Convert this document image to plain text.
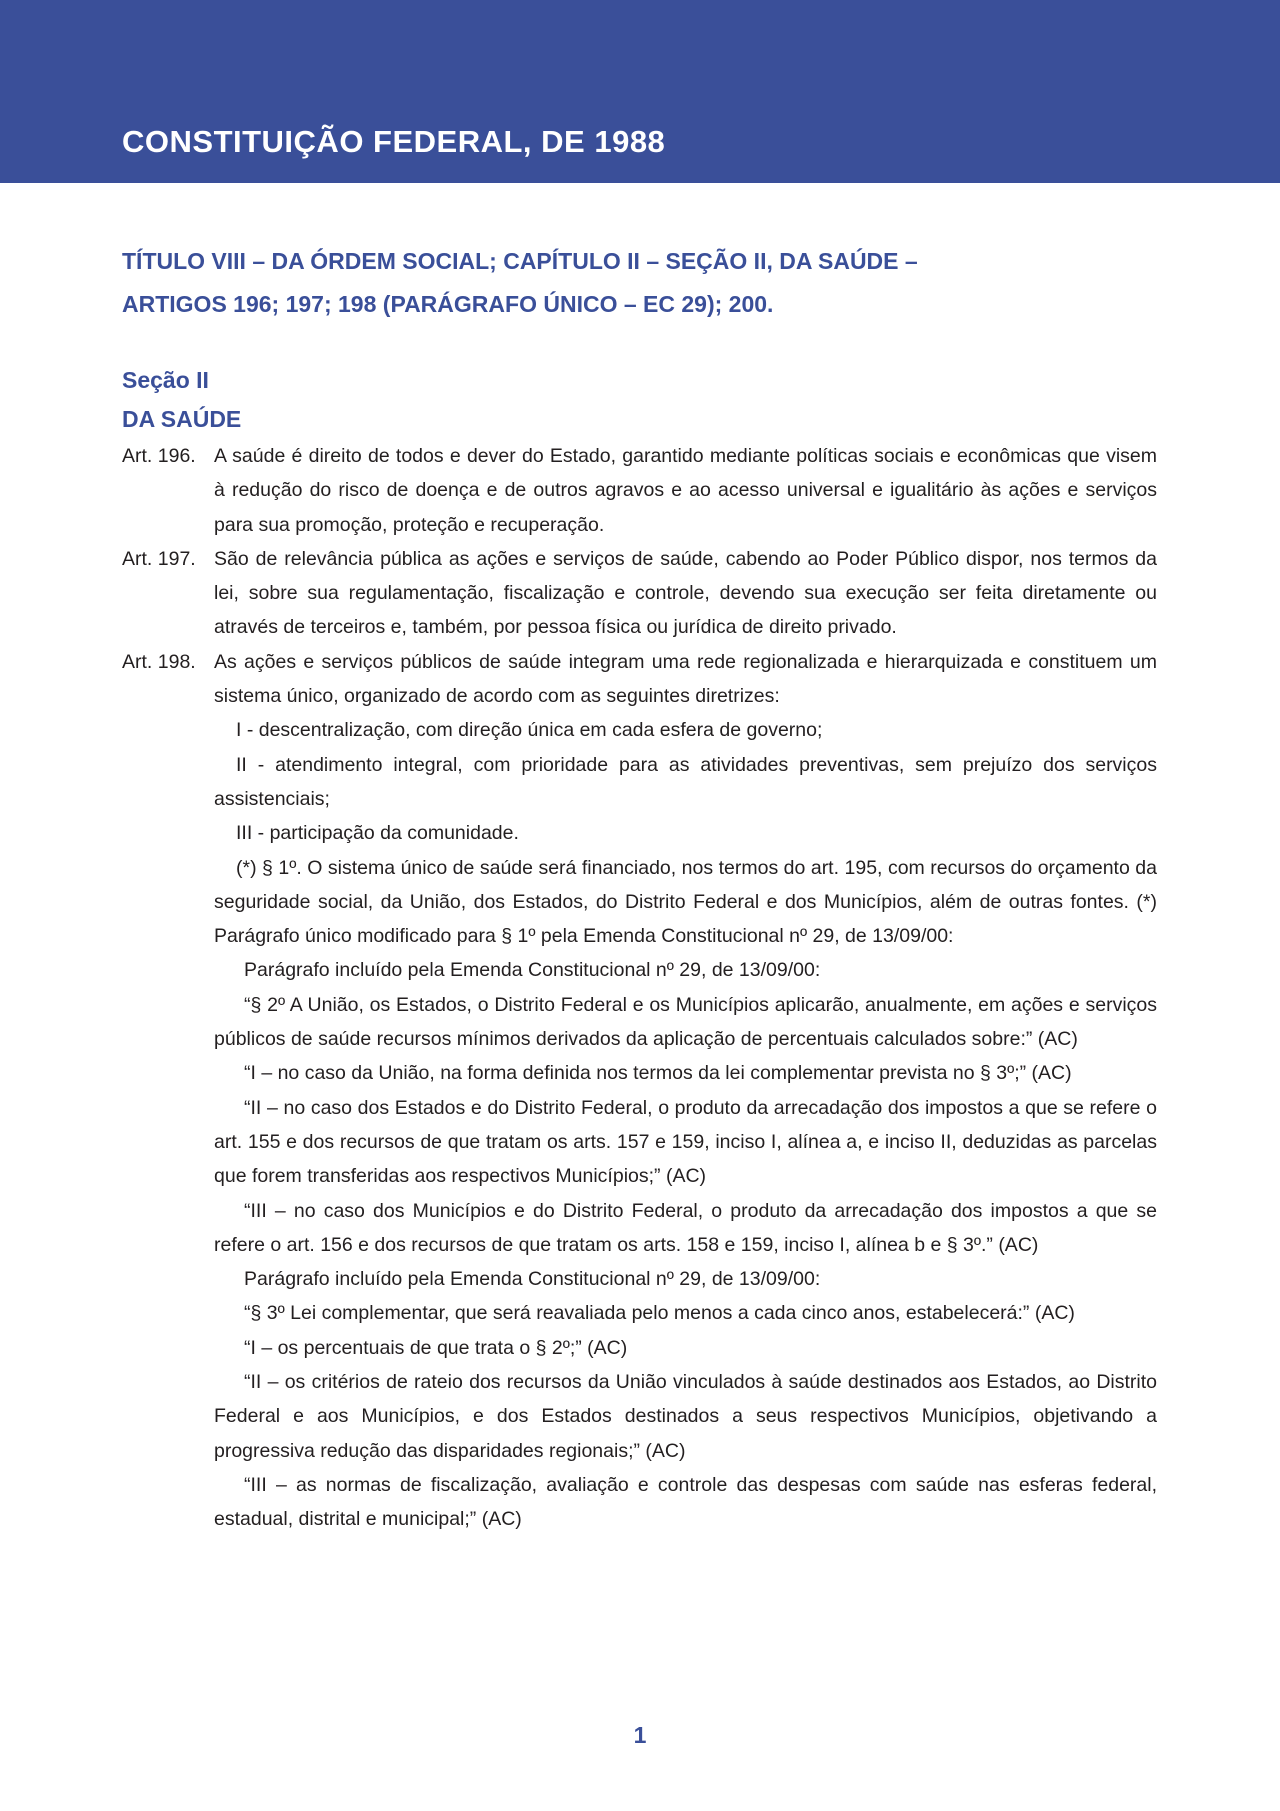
CONSTITUIÇÃO FEDERAL, DE 1988

TÍTULO VIII – DA ÓRDEM SOCIAL; CAPÍTULO II – SEÇÃO II, DA SAÚDE –

ARTIGOS 196; 197; 198 (PARÁGRAFO ÚNICO – EC 29); 200.

Seção II

DA SAÚDE

Art. 196. A saúde é direito de todos e dever do Estado, garantido mediante políticas sociais e econômicas que visem à redução do risco de doença e de outros agravos e ao acesso universal e igualitário às ações e serviços para sua promoção, proteção e recuperação.
Art. 197. São de relevância pública as ações e serviços de saúde, cabendo ao Poder Público dispor, nos termos da lei, sobre sua regulamentação, fiscalização e controle, devendo sua execução ser feita diretamente ou através de terceiros e, também, por pessoa física ou jurídica de direito privado.
Art. 198. As ações e serviços públicos de saúde integram uma rede regionalizada e hierarquizada e constituem um sistema único, organizado de acordo com as seguintes diretrizes:
I - descentralização, com direção única em cada esfera de governo;
II - atendimento integral, com prioridade para as atividades preventivas, sem prejuízo dos serviços assistenciais;
III - participação da comunidade.
(*) § 1º. O sistema único de saúde será financiado, nos termos do art. 195, com recursos do orçamento da seguridade social, da União, dos Estados, do Distrito Federal e dos Municípios, além de outras fontes. (*) Parágrafo único modificado para § 1º pela Emenda Constitucional nº 29, de 13/09/00:
Parágrafo incluído pela Emenda Constitucional nº 29, de 13/09/00:
“§ 2º A União, os Estados, o Distrito Federal e os Municípios aplicarão, anualmente, em ações e serviços públicos de saúde recursos mínimos derivados da aplicação de percentuais calculados sobre:” (AC)
“I – no caso da União, na forma definida nos termos da lei complementar prevista no § 3º;” (AC)
“II – no caso dos Estados e do Distrito Federal, o produto da arrecadação dos impostos a que se refere o art. 155 e dos recursos de que tratam os arts. 157 e 159, inciso I, alínea a, e inciso II, deduzidas as parcelas que forem transferidas aos respectivos Municípios;” (AC)
“III – no caso dos Municípios e do Distrito Federal, o produto da arrecadação dos impostos a que se refere o art. 156 e dos recursos de que tratam os arts. 158 e 159, inciso I, alínea b e § 3º.” (AC)
Parágrafo incluído pela Emenda Constitucional nº 29, de 13/09/00:
“§ 3º Lei complementar, que será reavaliada pelo menos a cada cinco anos, estabelecerá:” (AC)
“I – os percentuais de que trata o § 2º;” (AC)
“II – os critérios de rateio dos recursos da União vinculados à saúde destinados aos Estados, ao Distrito Federal e aos Municípios, e dos Estados destinados a seus respectivos Municípios, objetivando a progressiva redução das disparidades regionais;” (AC)
“III – as normas de fiscalização, avaliação e controle das despesas com saúde nas esferas federal, estadual, distrital e municipal;” (AC)
1
